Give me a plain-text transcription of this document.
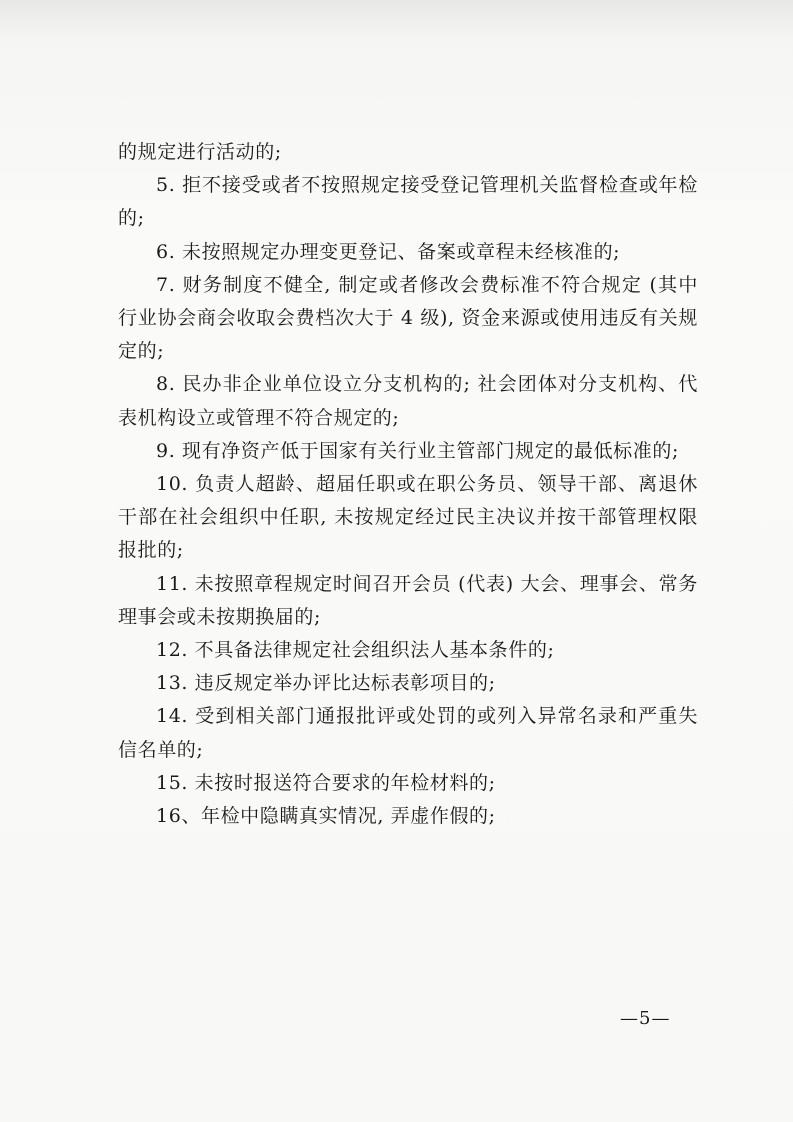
的规定进行活动的;

5. 拒不接受或者不按照规定接受登记管理机关监督检查或年检的;

6. 未按照规定办理变更登记、备案或章程未经核准的;

7. 财务制度不健全, 制定或者修改会费标准不符合规定 (其中行业协会商会收取会费档次大于 4 级), 资金来源或使用违反有关规定的;

8. 民办非企业单位设立分支机构的; 社会团体对分支机构、代表机构设立或管理不符合规定的;

9. 现有净资产低于国家有关行业主管部门规定的最低标准的;

10. 负责人超龄、超届任职或在职公务员、领导干部、离退休干部在社会组织中任职, 未按规定经过民主决议并按干部管理权限报批的;

11. 未按照章程规定时间召开会员 (代表) 大会、理事会、常务理事会或未按期换届的;

12. 不具备法律规定社会组织法人基本条件的;

13. 违反规定举办评比达标表彰项目的;

14. 受到相关部门通报批评或处罚的或列入异常名录和严重失信名单的;

15. 未按时报送符合要求的年检材料的;

16、年检中隐瞒真实情况, 弄虚作假的;

—5—
